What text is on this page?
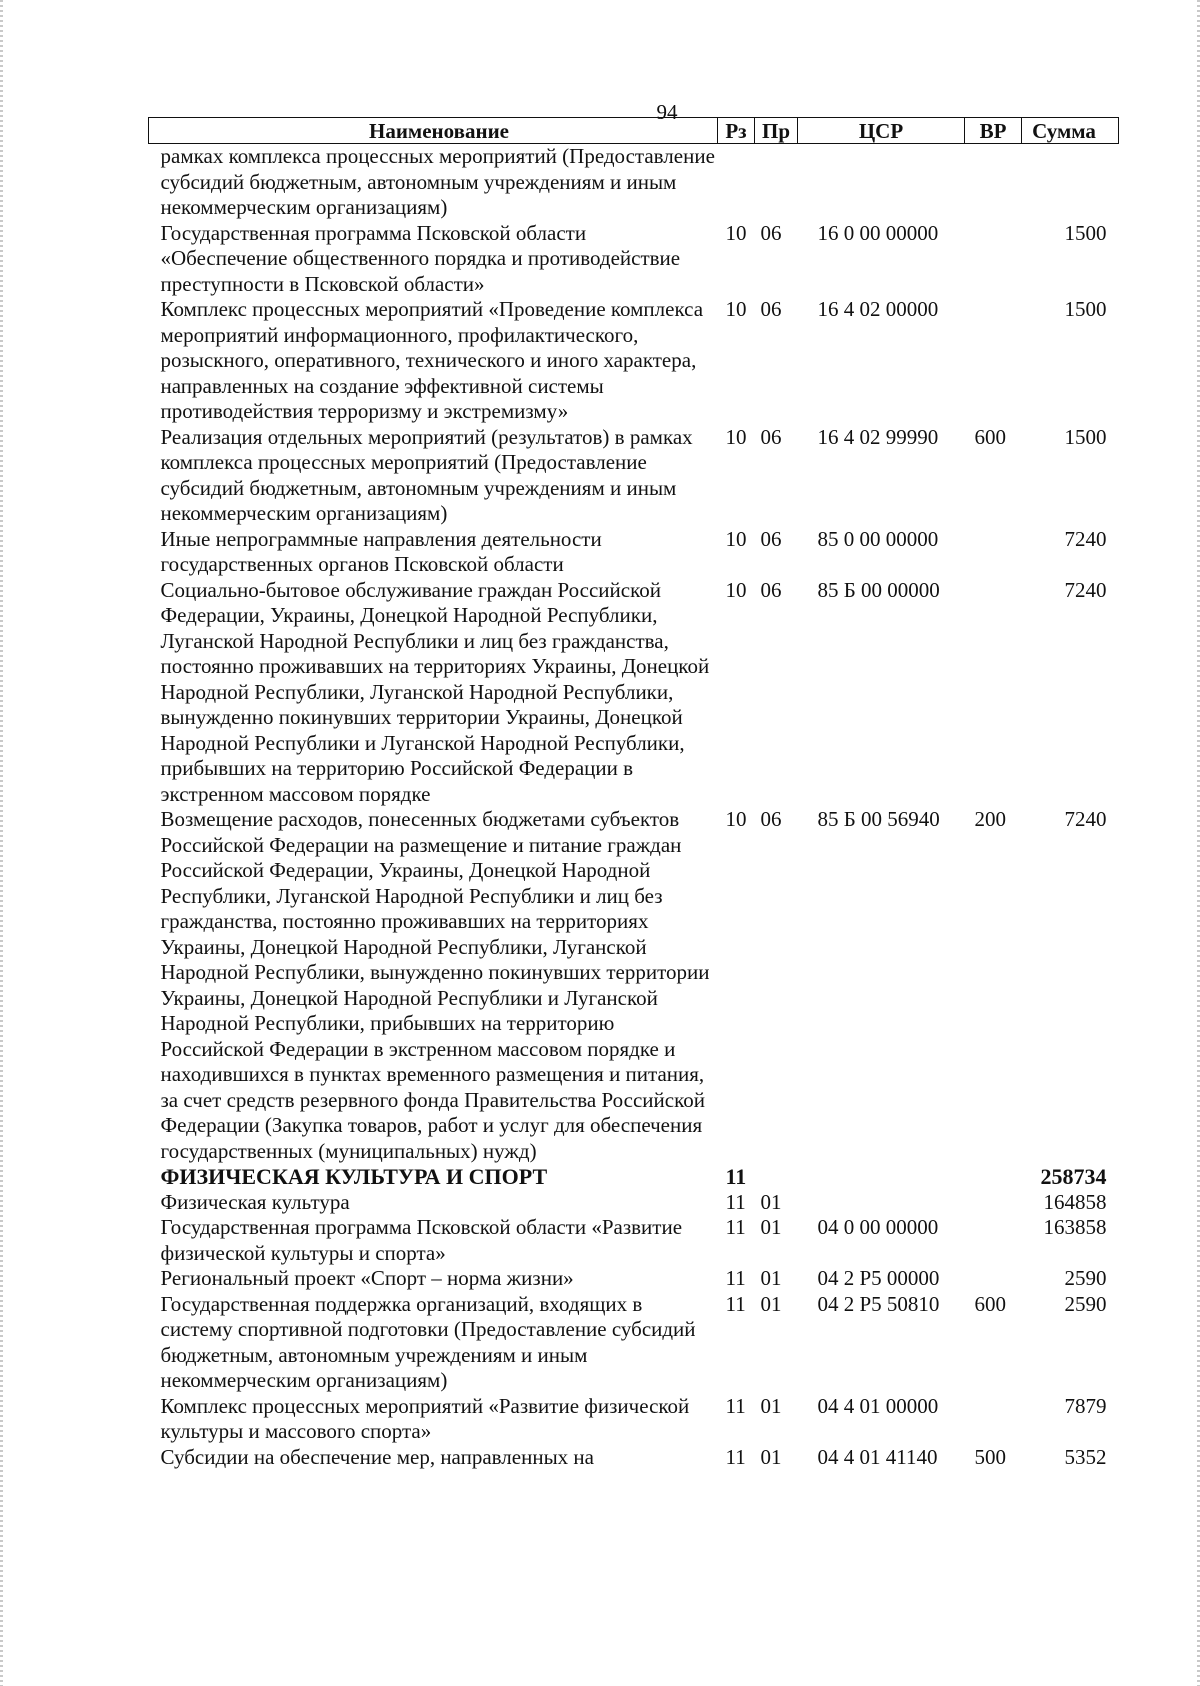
94
Наименование	Рз	Пр	ЦСР	ВР	Сумма
рамках комплекса процессных мероприятий (Предоставление субсидий бюджетным, автономным учреждениям и иным некоммерческим организациям)					
Государственная программа Псковской области «Обеспечение общественного порядка и противодействие преступности в Псковской области»	10	06	16 0 00 00000		1500
Комплекс процессных мероприятий «Проведение комплекса мероприятий информационного, профилактического, розыскного, оперативного, технического и иного характера, направленных на создание эффективной системы противодействия терроризму и экстремизму»	10	06	16 4 02 00000		1500
Реализация отдельных мероприятий (результатов) в рамках комплекса процессных мероприятий (Предоставление субсидий бюджетным, автономным учреждениям и иным некоммерческим организациям)	10	06	16 4 02 99990	600	1500
Иные непрограммные направления деятельности государственных органов Псковской области	10	06	85 0 00 00000		7240
Социально-бытовое обслуживание граждан Российской Федерации, Украины, Донецкой Народной Республики, Луганской Народной Республики и лиц без гражданства, постоянно проживавших на территориях Украины, Донецкой Народной Республики, Луганской Народной Республики, вынужденно покинувших территории Украины, Донецкой Народной Республики и Луганской Народной Республики, прибывших на территорию Российской Федерации в экстренном массовом порядке	10	06	85 Б 00 00000		7240
Возмещение расходов, понесенных бюджетами субъектов Российской Федерации на размещение и питание граждан Российской Федерации, Украины, Донецкой Народной Республики, Луганской Народной Республики и лиц без гражданства, постоянно проживавших на территориях Украины, Донецкой Народной Республики, Луганской Народной Республики, вынужденно покинувших территории Украины, Донецкой Народной Республики и Луганской Народной Республики, прибывших на территорию Российской Федерации в экстренном массовом порядке и находившихся в пунктах временного размещения и питания, за счет средств резервного фонда Правительства Российской Федерации (Закупка товаров, работ и услуг для обеспечения государственных (муниципальных) нужд)	10	06	85 Б 00 56940	200	7240
ФИЗИЧЕСКАЯ КУЛЬТУРА И СПОРТ	11				258734
Физическая культура	11	01			164858
Государственная программа Псковской области «Развитие физической культуры и спорта»	11	01	04 0 00 00000		163858
Региональный проект «Спорт – норма жизни»	11	01	04 2 Р5 00000		2590
Государственная поддержка организаций, входящих в систему спортивной подготовки (Предоставление субсидий бюджетным, автономным учреждениям и иным некоммерческим организациям)	11	01	04 2 Р5 50810	600	2590
Комплекс процессных мероприятий «Развитие физической культуры и массового спорта»	11	01	04 4 01 00000		7879
Субсидии на обеспечение мер, направленных на	11	01	04 4 01 41140	500	5352
